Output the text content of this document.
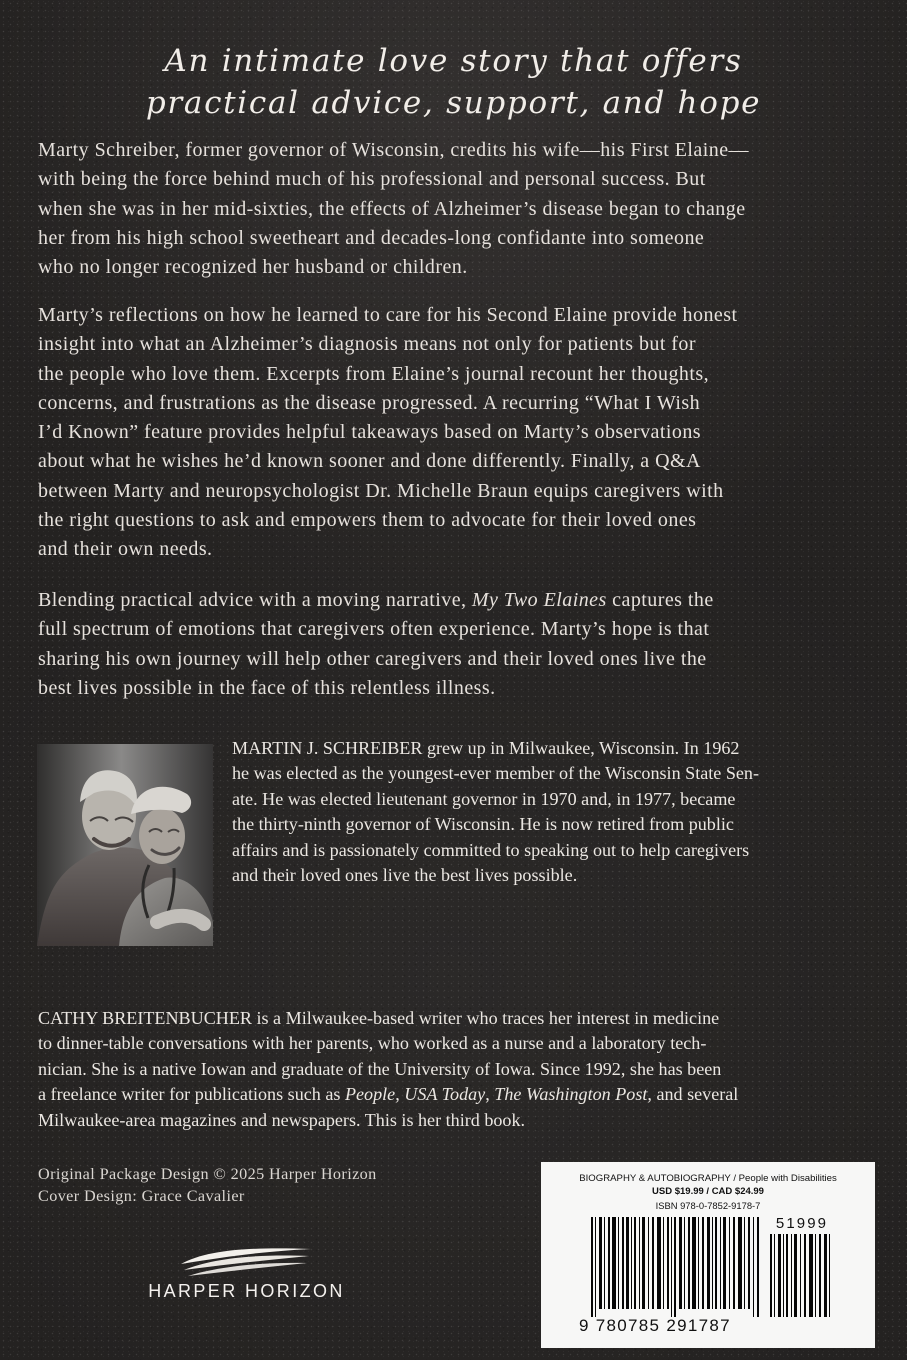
An intimate love story that offers
practical advice, support, and hope
Marty Schreiber, former governor of Wisconsin, credits his wife—his First Elaine—
with being the force behind much of his professional and personal success. But
when she was in her mid-sixties, the effects of Alzheimer’s disease began to change
her from his high school sweetheart and decades-long confidante into someone
who no longer recognized her husband or children.
Marty’s reflections on how he learned to care for his Second Elaine provide honest
insight into what an Alzheimer’s diagnosis means not only for patients but for
the people who love them. Excerpts from Elaine’s journal recount her thoughts,
concerns, and frustrations as the disease progressed. A recurring “What I Wish
I’d Known” feature provides helpful takeaways based on Marty’s observations
about what he wishes he’d known sooner and done differently. Finally, a Q&A
between Marty and neuropsychologist Dr. Michelle Braun equips caregivers with
the right questions to ask and empowers them to advocate for their loved ones
and their own needs.
Blending practical advice with a moving narrative, My Two Elaines captures the
full spectrum of emotions that caregivers often experience. Marty’s hope is that
sharing his own journey will help other caregivers and their loved ones live the
best lives possible in the face of this relentless illness.
MARTIN J. SCHREIBER grew up in Milwaukee, Wisconsin. In 1962
he was elected as the youngest-ever member of the Wisconsin State Sen-
ate. He was elected lieutenant governor in 1970 and, in 1977, became
the thirty-ninth governor of Wisconsin. He is now retired from public
affairs and is passionately committed to speaking out to help caregivers
and their loved ones live the best lives possible.
CATHY BREITENBUCHER is a Milwaukee-based writer who traces her interest in medicine
to dinner-table conversations with her parents, who worked as a nurse and a laboratory tech-
nician. She is a native Iowan and graduate of the University of Iowa. Since 1992, she has been
a freelance writer for publications such as People, USA Today, The Washington Post, and several
Milwaukee-area magazines and newspapers. This is her third book.
Original Package Design © 2025 Harper Horizon
Cover Design: Grace Cavalier
HARPER HORIZON
BIOGRAPHY & AUTOBIOGRAPHY / People with Disabilities
USD $19.99 / CAD $24.99
ISBN 978-0-7852-9178-7
51999
9 780785 291787
